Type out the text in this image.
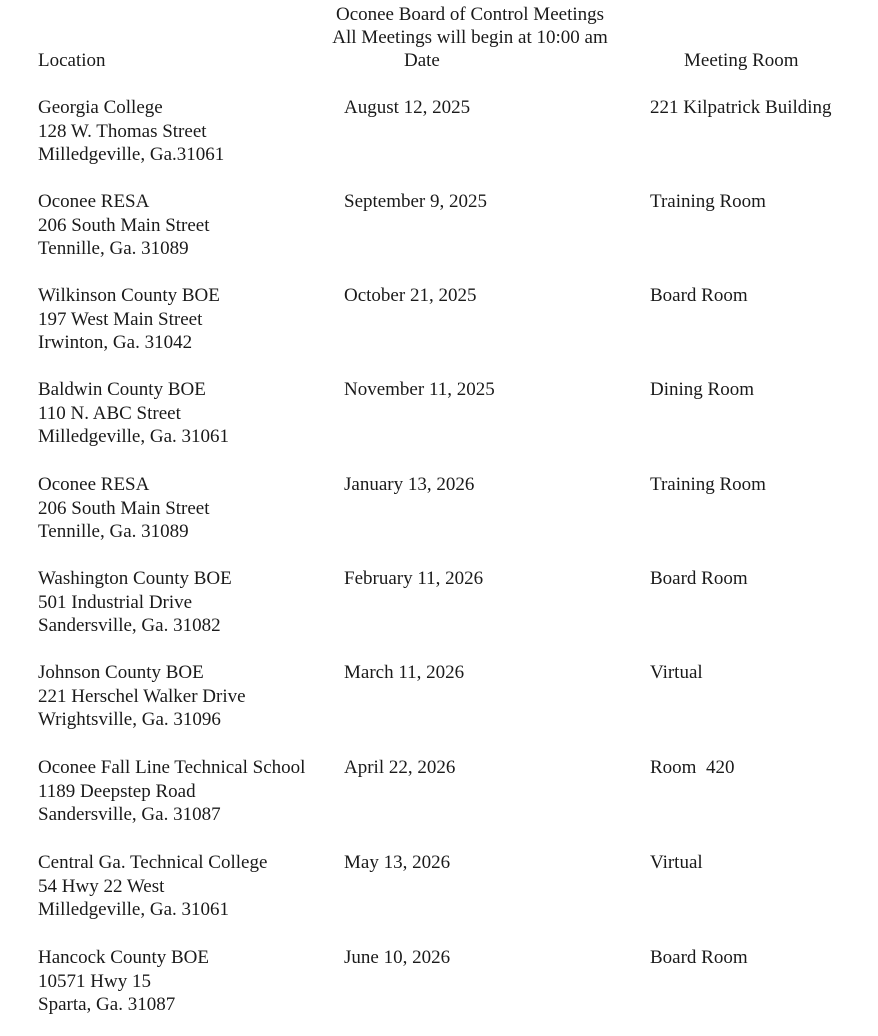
Oconee Board of Control Meetings
All Meetings will begin at 10:00 am
Location	Date	Meeting Room
Georgia College
128 W. Thomas Street
Milledgeville, Ga.31061
August 12, 2025	221 Kilpatrick Building
Oconee RESA
206 South Main Street
Tennille, Ga. 31089
September 9, 2025	Training Room
Wilkinson County BOE
197 West Main Street
Irwinton, Ga. 31042
October 21, 2025	Board Room
Baldwin County BOE
110 N. ABC Street
Milledgeville, Ga. 31061
November 11, 2025	Dining Room
Oconee RESA
206 South Main Street
Tennille, Ga. 31089
January 13, 2026	Training Room
Washington County BOE
501 Industrial Drive
Sandersville, Ga. 31082
February 11, 2026	Board Room
Johnson County BOE
221 Herschel Walker Drive
Wrightsville, Ga. 31096
March 11, 2026	Virtual
Oconee Fall Line Technical School
1189 Deepstep Road
Sandersville, Ga. 31087
April 22, 2026	Room  420
Central Ga. Technical College
54 Hwy 22 West
Milledgeville, Ga. 31061
May 13, 2026	Virtual
Hancock County BOE
10571 Hwy 15
Sparta, Ga. 31087
June 10, 2026	Board Room
